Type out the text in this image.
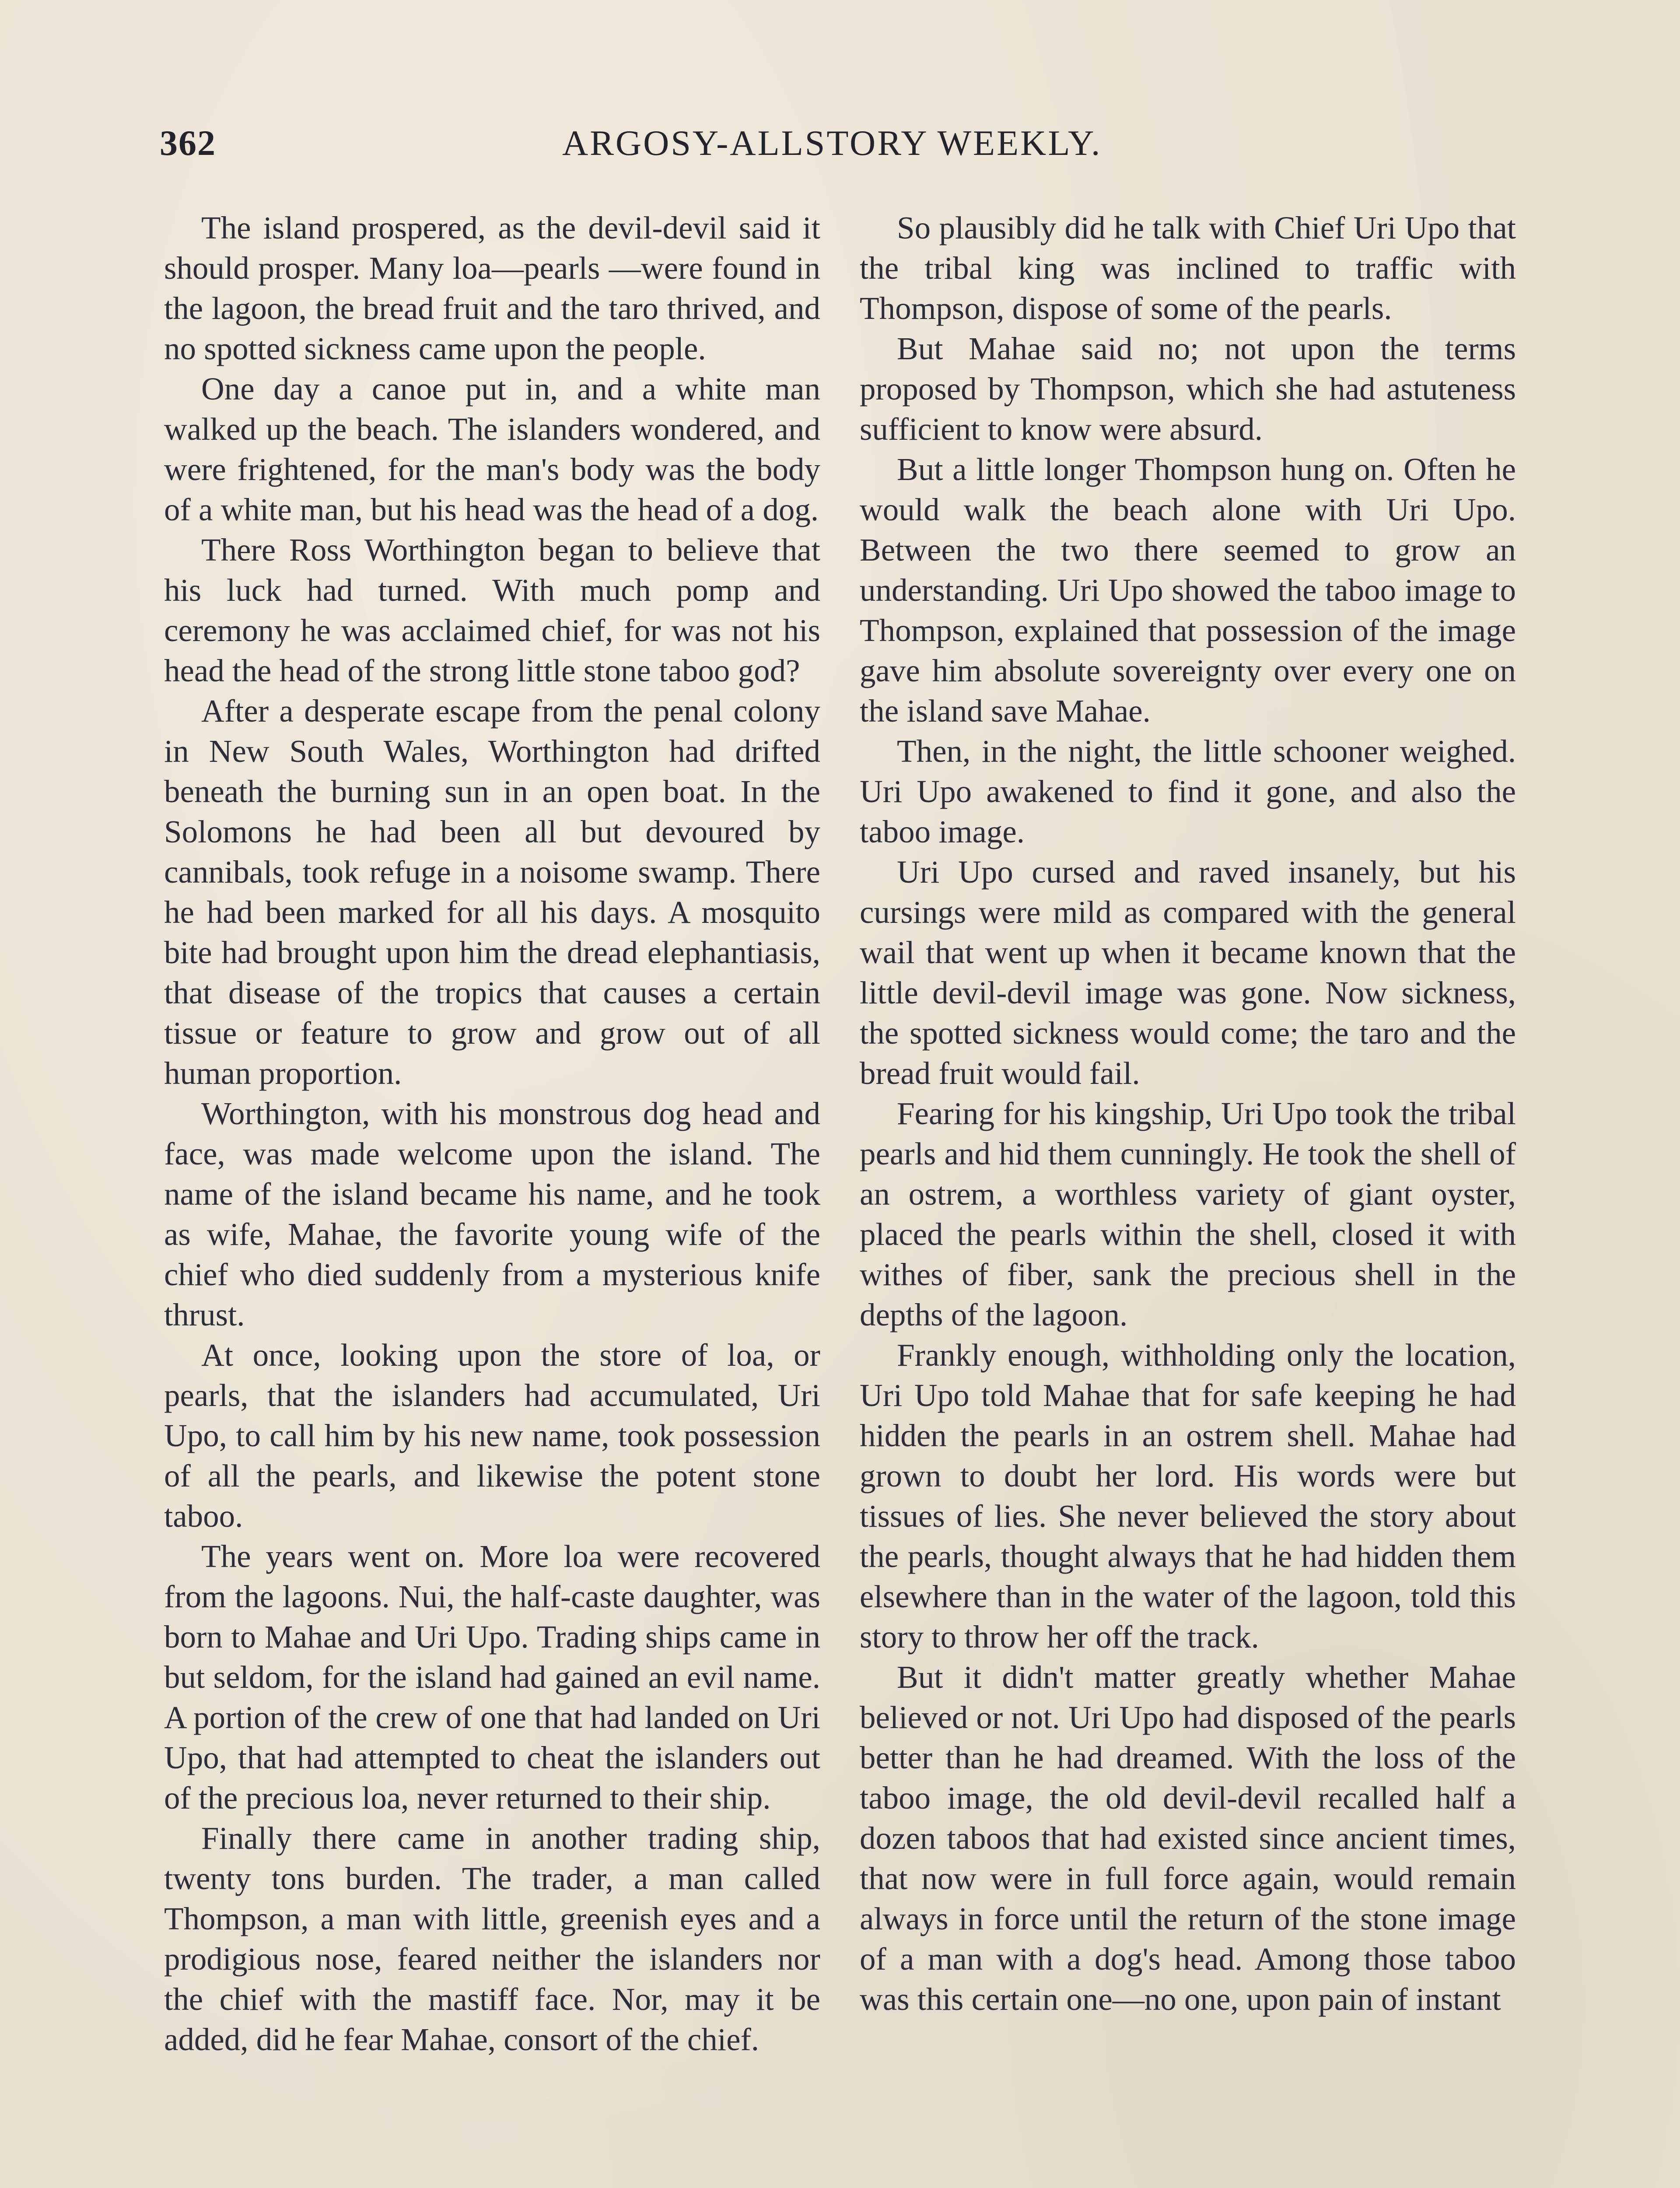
362	ARGOSY-ALLSTORY WEEKLY.

The island prospered, as the devil-devil said it should prosper. Many loa—pearls —were found in the lagoon, the bread fruit and the taro thrived, and no spotted sickness came upon the people.

One day a canoe put in, and a white man walked up the beach. The islanders wondered, and were frightened, for the man's body was the body of a white man, but his head was the head of a dog.

There Ross Worthington began to believe that his luck had turned. With much pomp and ceremony he was acclaimed chief, for was not his head the head of the strong little stone taboo god?

After a desperate escape from the penal colony in New South Wales, Worthington had drifted beneath the burning sun in an open boat. In the Solomons he had been all but devoured by cannibals, took refuge in a noisome swamp. There he had been marked for all his days. A mosquito bite had brought upon him the dread elephantiasis, that disease of the tropics that causes a certain tissue or feature to grow and grow out of all human proportion.

Worthington, with his monstrous dog head and face, was made welcome upon the island. The name of the island became his name, and he took as wife, Mahae, the favorite young wife of the chief who died suddenly from a mysterious knife thrust.

At once, looking upon the store of loa, or pearls, that the islanders had accumulated, Uri Upo, to call him by his new name, took possession of all the pearls, and likewise the potent stone taboo.

The years went on. More loa were recovered from the lagoons. Nui, the half-caste daughter, was born to Mahae and Uri Upo. Trading ships came in but seldom, for the island had gained an evil name. A portion of the crew of one that had landed on Uri Upo, that had attempted to cheat the islanders out of the precious loa, never returned to their ship.

Finally there came in another trading ship, twenty tons burden. The trader, a man called Thompson, a man with little, greenish eyes and a prodigious nose, feared neither the islanders nor the chief with the mastiff face. Nor, may it be added, did he fear Mahae, consort of the chief.

So plausibly did he talk with Chief Uri Upo that the tribal king was inclined to traffic with Thompson, dispose of some of the pearls.

But Mahae said no; not upon the terms proposed by Thompson, which she had astuteness sufficient to know were absurd.

But a little longer Thompson hung on. Often he would walk the beach alone with Uri Upo. Between the two there seemed to grow an understanding. Uri Upo showed the taboo image to Thompson, explained that possession of the image gave him absolute sovereignty over every one on the island save Mahae.

Then, in the night, the little schooner weighed. Uri Upo awakened to find it gone, and also the taboo image.

Uri Upo cursed and raved insanely, but his cursings were mild as compared with the general wail that went up when it became known that the little devil-devil image was gone. Now sickness, the spotted sickness would come; the taro and the bread fruit would fail.

Fearing for his kingship, Uri Upo took the tribal pearls and hid them cunningly. He took the shell of an ostrem, a worthless variety of giant oyster, placed the pearls within the shell, closed it with withes of fiber, sank the precious shell in the depths of the lagoon.

Frankly enough, withholding only the location, Uri Upo told Mahae that for safe keeping he had hidden the pearls in an ostrem shell. Mahae had grown to doubt her lord. His words were but tissues of lies. She never believed the story about the pearls, thought always that he had hidden them elsewhere than in the water of the lagoon, told this story to throw her off the track.

But it didn't matter greatly whether Mahae believed or not. Uri Upo had disposed of the pearls better than he had dreamed. With the loss of the taboo image, the old devil-devil recalled half a dozen taboos that had existed since ancient times, that now were in full force again, would remain always in force until the return of the stone image of a man with a dog's head. Among those taboo was this certain one—no one, upon pain of instant
